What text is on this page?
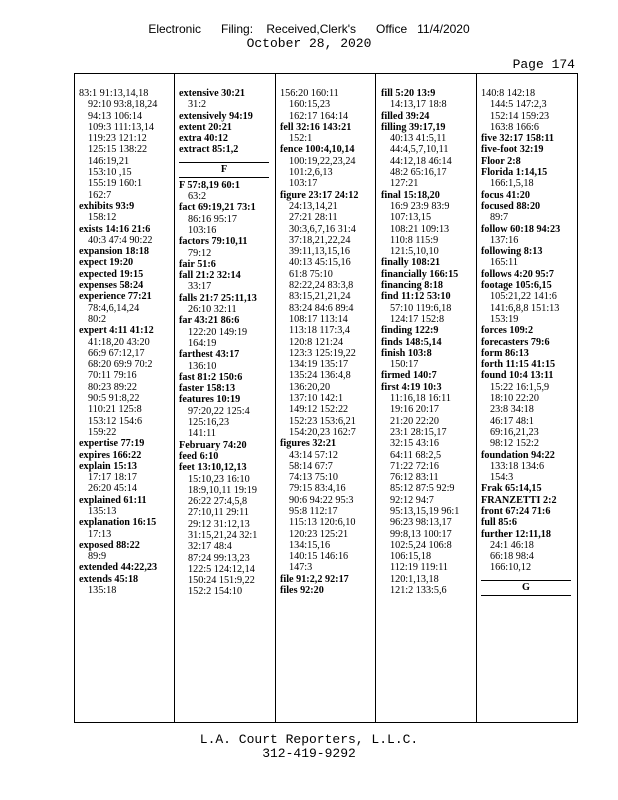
Electronic      Filing:    Received,Clerk's      Office   11/4/2020
October 28, 2020
Page 174
83:1 91:13,14,18
92:10 93:8,18,24
94:13 106:14
109:3 111:13,14
119:23 121:12
125:15 138:22
146:19,21
153:10 ,15
155:19 160:1
162:7
exhibits 93:9
158:12
exists 14:16 21:6
40:3 47:4 90:22
expansion 18:18
expect 19:20
expected 19:15
expenses 58:24
experience 77:21
78:4,6,14,24
80:2
expert 4:11 41:12
41:18,20 43:20
66:9 67:12,17
68:20 69:9 70:2
70:11 79:16
80:23 89:22
90:5 91:8,22
110:21 125:8
153:12 154:6
159:22
expertise 77:19
expires 166:22
explain 15:13
17:17 18:17
26:20 45:14
explained 61:11
135:13
explanation 16:15
17:13
exposed 88:22
89:9
extended 44:22,23
extends 45:18
135:18
extensive 30:21
31:2
extensively 94:19
extent 20:21
extra 40:12
extract 85:1,2
F
F 57:8,19 60:1
63:2
fact 69:19,21 73:1
86:16 95:17
103:16
factors 79:10,11
79:12
fair 51:6
fall 21:2 32:14
33:17
falls 21:7 25:11,13
26:10 32:11
far 43:21 86:6
122:20 149:19
164:19
farthest 43:17
136:10
fast 81:2 150:6
faster 158:13
features 10:19
97:20,22 125:4
125:16,23
141:11
February 74:20
feed 6:10
feet 13:10,12,13
15:10,23 16:10
18:9,10,11 19:19
26:22 27:4,5,8
27:10,11 29:11
29:12 31:12,13
31:15,21,24 32:1
32:17 48:4
87:24 99:13,23
122:5 124:12,14
150:24 151:9,22
152:2 154:10
156:20 160:11
160:15,23
162:17 164:14
fell 32:16 143:21
152:1
fence 100:4,10,14
100:19,22,23,24
101:2,6,13
103:17
figure 23:17 24:12
24:13,14,21
27:21 28:11
30:3,6,7,16 31:4
37:18,21,22,24
39:11,13,15,16
40:13 45:15,16
61:8 75:10
82:22,24 83:3,8
83:15,21,21,24
83:24 84:6 89:4
108:17 113:14
113:18 117:3,4
120:8 121:24
123:3 125:19,22
134:19 135:17
135:24 136:4,8
136:20,20
137:10 142:1
149:12 152:22
152:23 153:6,21
154:20,23 162:7
figures 32:21
43:14 57:12
58:14 67:7
74:13 75:10
79:15 83:4,16
90:6 94:22 95:3
95:8 112:17
115:13 120:6,10
120:23 125:21
134:15,16
140:15 146:16
147:3
file 91:2,2 92:17
files 92:20
fill 5:20 13:9
14:13,17 18:8
filled 39:24
filling 39:17,19
40:13 41:5,11
44:4,5,7,10,11
44:12,18 46:14
48:2 65:16,17
127:21
final 15:18,20
16:9 23:9 83:9
107:13,15
108:21 109:13
110:8 115:9
121:5,10,10
finally 108:21
financially 166:15
financing 8:18
find 11:12 53:10
57:10 119:6,18
124:17 152:8
finding 122:9
finds 148:5,14
finish 103:8
150:17
firmed 140:7
first 4:19 10:3
11:16,18 16:11
19:16 20:17
21:20 22:20
23:1 28:15,17
32:15 43:16
64:11 68:2,5
71:22 72:16
76:12 83:11
85:12 87:5 92:9
92:12 94:7
95:13,15,19 96:1
96:23 98:13,17
99:8,13 100:17
102:5,24 106:8
106:15,18
112:19 119:11
120:1,13,18
121:2 133:5,6
140:8 142:18
144:5 147:2,3
152:14 159:23
163:8 166:6
five 32:17 158:11
five-foot 32:19
Floor 2:8
Florida 1:14,15
166:1,5,18
focus 41:20
focused 88:20
89:7
follow 60:18 94:23
137:16
following 8:13
165:11
follows 4:20 95:7
footage 105:6,15
105:21,22 141:6
141:6,8,8 151:13
153:19
forces 109:2
forecasters 79:6
form 86:13
forth 11:15 41:15
found 10:4 13:11
15:22 16:1,5,9
18:10 22:20
23:8 34:18
46:17 48:1
69:16,21,23
98:12 152:2
foundation 94:22
133:18 134:6
154:3
Frak 65:14,15
FRANZETTI 2:2
front 67:24 71:6
full 85:6
further 12:11,18
24:1 46:18
66:18 98:4
166:10,12
G
L.A. Court Reporters, L.L.C.
312-419-9292
